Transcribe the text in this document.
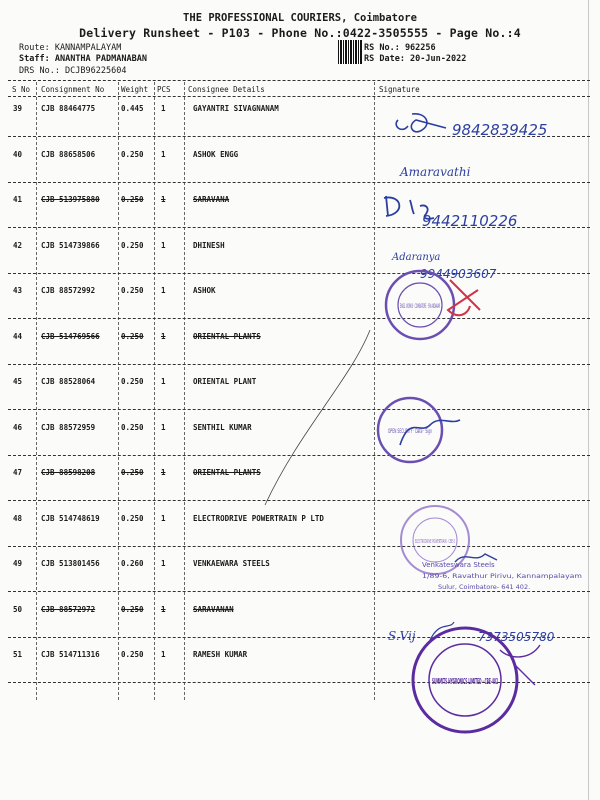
THE PROFESSIONAL COURIERS, Coimbatore
Delivery Runsheet - P103 - Phone No.:0422-3505555 - Page No.:4
Route: KANNAMPALAYAM
Staff: ANANTHA PADMANABAN
DRS No.: DCJB96225604
RS No.: 962256
RS Date: 20-Jun-2022
S No Consignment No Weight PCS Consignee Details	Signature
39	CJB 88464775	0.445 1	GAYANTRI SIVAGNANAM
40	CJB 88658506	0.250 1	ASHOK ENGG
41	CJB 513975880	0.250 1	SARAVANA
42	CJB 514739866	0.250 1	DHINESH
43	CJB 88572992	0.250 1	ASHOK
44	CJB 514769566	0.250 1	ORIENTAL PLANTS
45	CJB 88528064	0.250 1	ORIENTAL PLANT
46	CJB 88572959	0.250 1	SENTHIL KUMAR
47	CJB 88598208	0.250 1	ORIENTAL PLANTS
48	CJB 514748619	0.250 1	ELECTRODRIVE POWERTRAIN P LTD
49	CJB 513801456	0.260 1	VENKAEWARA STEELS
50	CJB 88572972	0.250 1	SARAVANAN
51	CJB 514711316	0.250 1	RAMESH KUMAR
9842839425
Amaravathi
9442110226
Adaranya
9944903607
ENGG. WORKS · COIMBATORE · SRI ANDAVAR
OPEN SECURITY · Date · Sign
ELECTRODRIVE POWERTRAIN · CBE-5
Venkateswara Steels
1/89-6, Ravathur Pirivu, Kannampalayam
Sulur, Coimbatore- 641 402.
S.Vij	7373505780
SUMMITS HYGRONICS LIMITED · CBE-402
